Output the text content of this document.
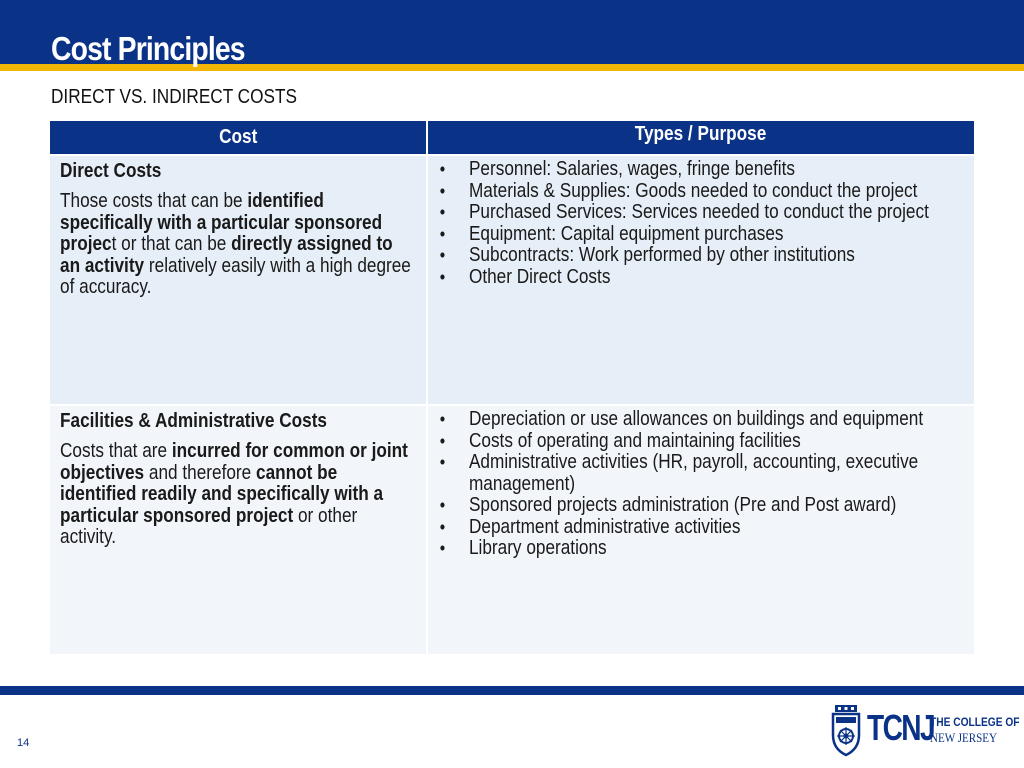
Cost Principles
DIRECT VS. INDIRECT COSTS
Cost	Types / Purpose
Direct Costs
Those costs that can be identified specifically with a particular sponsored project or that can be directly assigned to an activity relatively easily with a high degree of accuracy.
• Personnel: Salaries, wages, fringe benefits
• Materials & Supplies: Goods needed to conduct the project
• Purchased Services: Services needed to conduct the project
• Equipment: Capital equipment purchases
• Subcontracts: Work performed by other institutions
• Other Direct Costs
Facilities & Administrative Costs
Costs that are incurred for common or joint objectives and therefore cannot be identified readily and specifically with a particular sponsored project or other activity.
• Depreciation or use allowances on buildings and equipment
• Costs of operating and maintaining facilities
• Administrative activities (HR, payroll, accounting, executive management)
• Sponsored projects administration (Pre and Post award)
• Department administrative activities
• Library operations
14	TCNJ
THE COLLEGE OF
NEW JERSEY
